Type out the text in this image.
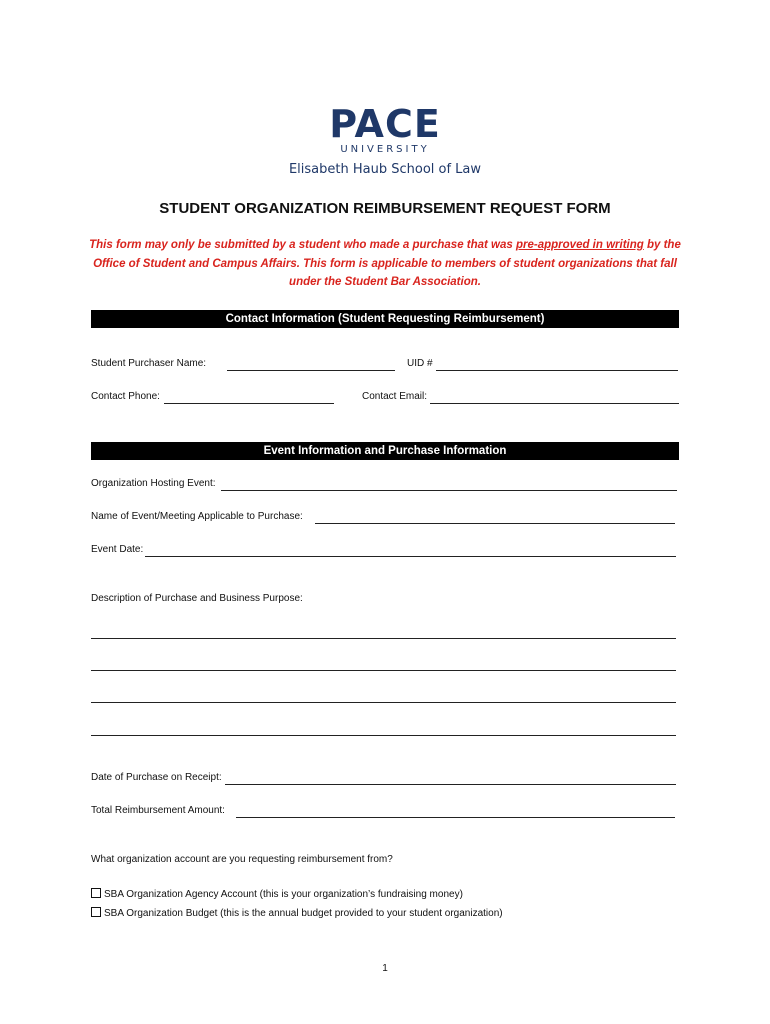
PACE
UNIVERSITY
Elisabeth Haub School of Law
STUDENT ORGANIZATION REIMBURSEMENT REQUEST FORM
This form may only be submitted by a student who made a purchase that was pre-approved in writing by the Office of Student and Campus Affairs. This form is applicable to members of student organizations that fall under the Student Bar Association.
Contact Information (Student Requesting Reimbursement)
Student Purchaser Name:	UID #
Contact Phone:	Contact Email:
Event Information and Purchase Information
Organization Hosting Event:
Name of Event/Meeting Applicable to Purchase:
Event Date:
Description of Purchase and Business Purpose:
Date of Purchase on Receipt:
Total Reimbursement Amount:
What organization account are you requesting reimbursement from?
SBA Organization Agency Account (this is your organization’s fundraising money)
SBA Organization Budget (this is the annual budget provided to your student organization)
1
